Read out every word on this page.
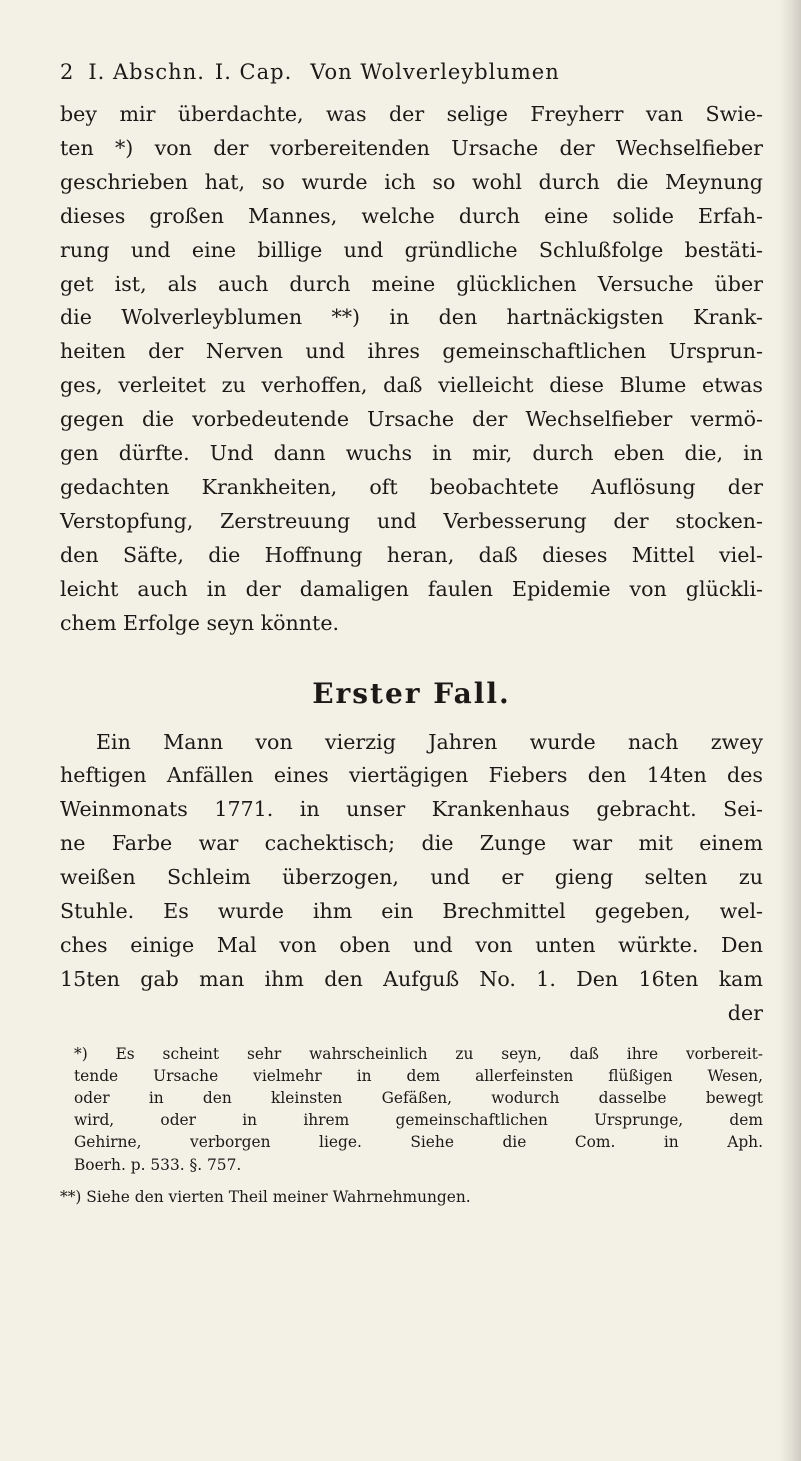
2 I. Abschn. I. Cap. Von Wolverleyblumen
bey mir überdachte, was der selige Freyherr van Swie-
ten *) von der vorbereitenden Ursache der Wechselfieber
geschrieben hat, so wurde ich so wohl durch die Meynung
dieses großen Mannes, welche durch eine solide Erfah-
rung und eine billige und gründliche Schlußfolge bestäti-
get ist, als auch durch meine glücklichen Versuche über
die Wolverleyblumen **) in den hartnäckigsten Krank-
heiten der Nerven und ihres gemeinschaftlichen Ursprun-
ges, verleitet zu verhoffen, daß vielleicht diese Blume etwas
gegen die vorbedeutende Ursache der Wechselfieber vermö-
gen dürfte. Und dann wuchs in mir, durch eben die, in
gedachten Krankheiten, oft beobachtete Auflösung der
Verstopfung, Zerstreuung und Verbesserung der stocken-
den Säfte, die Hoffnung heran, daß dieses Mittel viel-
leicht auch in der damaligen faulen Epidemie von glückli-
chem Erfolge seyn könnte.
Erster Fall.
Ein Mann von vierzig Jahren wurde nach zwey
heftigen Anfällen eines viertägigen Fiebers den 14ten des
Weinmonats 1771. in unser Krankenhaus gebracht. Sei-
ne Farbe war cachektisch; die Zunge war mit einem
weißen Schleim überzogen, und er gieng selten zu
Stuhle. Es wurde ihm ein Brechmittel gegeben, wel-
ches einige Mal von oben und von unten würkte. Den
15ten gab man ihm den Aufguß No. 1. Den 16ten kam
der
*) Es scheint sehr wahrscheinlich zu seyn, daß ihre vorbereit-
tende Ursache vielmehr in dem allerfeinsten flüßigen Wesen,
oder in den kleinsten Gefäßen, wodurch dasselbe bewegt
wird, oder in ihrem gemeinschaftlichen Ursprunge, dem
Gehirne, verborgen liege. Siehe die Com. in Aph.
Boerh. p. 533. §. 757.
**) Siehe den vierten Theil meiner Wahrnehmungen.
